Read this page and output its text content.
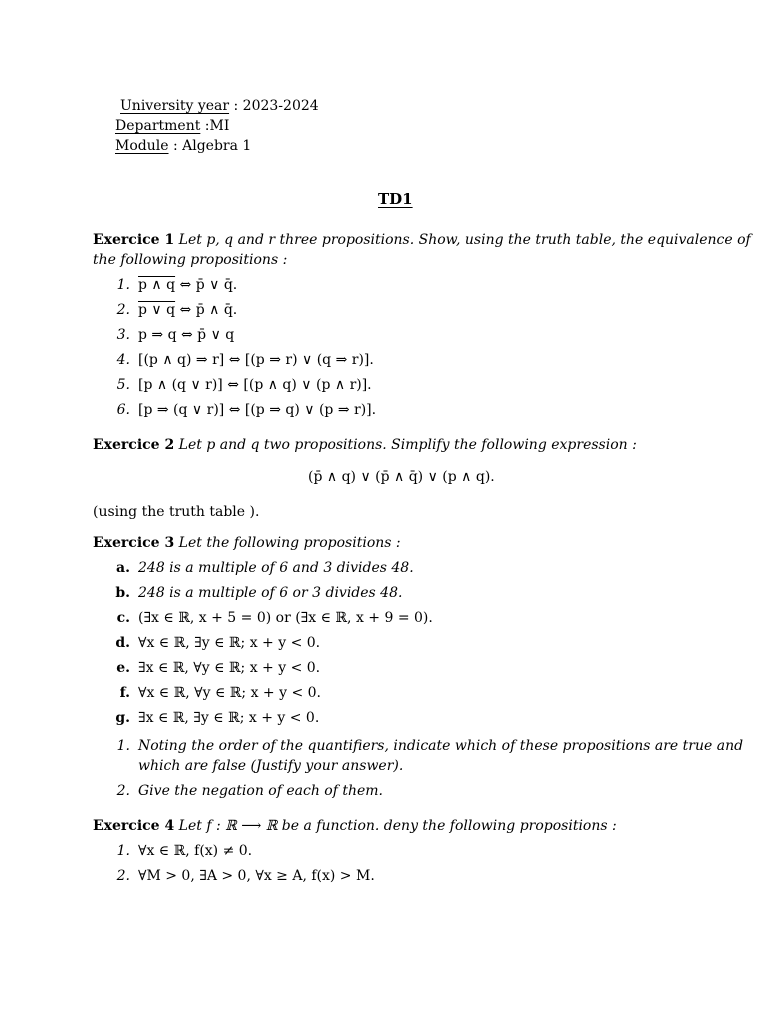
University year : 2023-2024
Department :MI
Module : Algebra 1
TD1
Exercice 1 Let p, q and r three propositions. Show, using the truth table, the equivalence of
the following propositions :
1. p ∧ q ⇔ p̄ ∨ q̄.
2. p ∨ q ⇔ p̄ ∧ q̄.
3. p ⇒ q ⇔ p̄ ∨ q
4. [(p ∧ q) ⇒ r] ⇔ [(p ⇒ r) ∨ (q ⇒ r)].
5. [p ∧ (q ∨ r)] ⇔ [(p ∧ q) ∨ (p ∧ r)].
6. [p ⇒ (q ∨ r)] ⇔ [(p ⇒ q) ∨ (p ⇒ r)].
Exercice 2 Let p and q two propositions. Simplify the following expression :
(p̄ ∧ q) ∨ (p̄ ∧ q̄) ∨ (p ∧ q).
(using the truth table ).
Exercice 3 Let the following propositions :
a. 248 is a multiple of 6 and 3 divides 48.
b. 248 is a multiple of 6 or 3 divides 48.
c. (∃x ∈ ℝ, x + 5 = 0) or (∃x ∈ ℝ, x + 9 = 0).
d. ∀x ∈ ℝ, ∃y ∈ ℝ; x + y < 0.
e. ∃x ∈ ℝ, ∀y ∈ ℝ; x + y < 0.
f. ∀x ∈ ℝ, ∀y ∈ ℝ; x + y < 0.
g. ∃x ∈ ℝ, ∃y ∈ ℝ; x + y < 0.
1. Noting the order of the quantifiers, indicate which of these propositions are true and
which are false (Justify your answer).
2. Give the negation of each of them.
Exercice 4 Let f : ℝ ⟶ ℝ be a function. deny the following propositions :
1. ∀x ∈ ℝ, f(x) ≠ 0.
2. ∀M > 0, ∃A > 0, ∀x ≥ A, f(x) > M.
